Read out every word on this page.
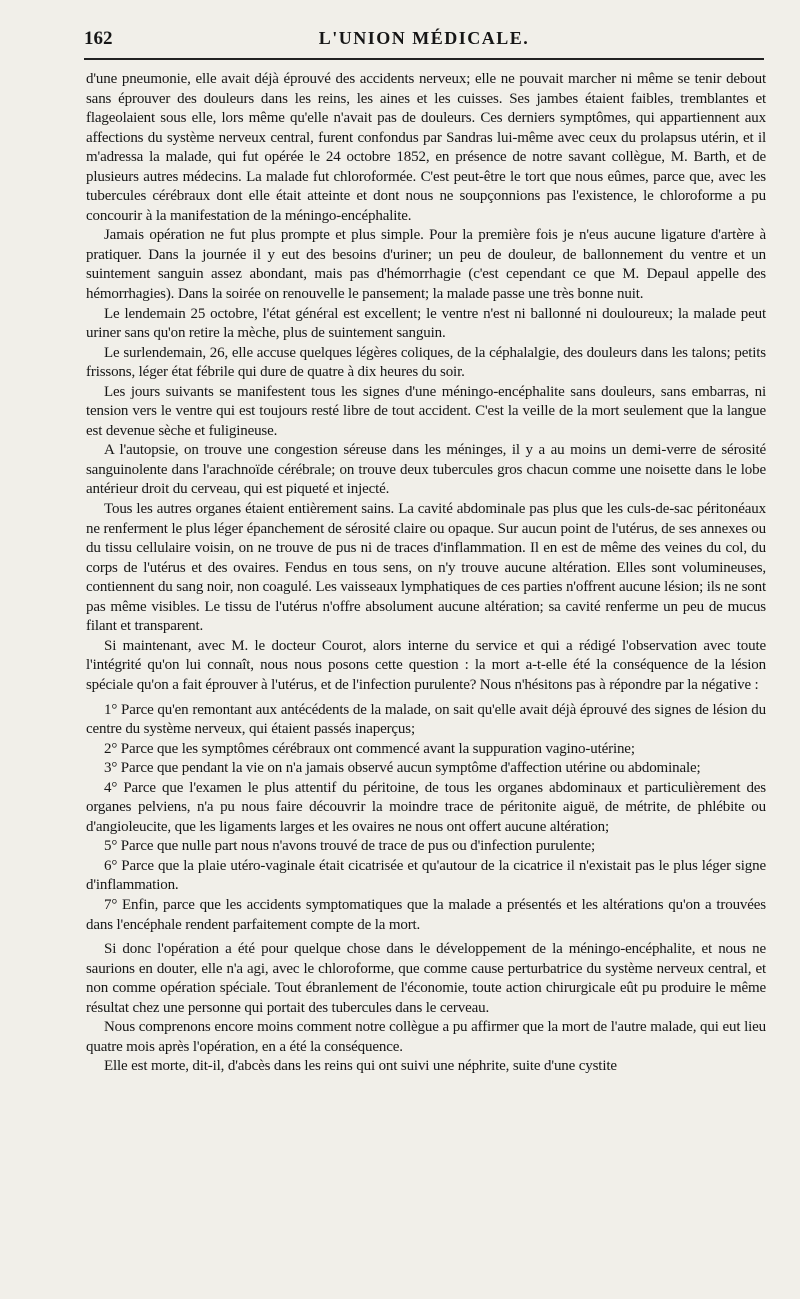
162	L'UNION MÉDICALE.

d'une pneumonie, elle avait déjà éprouvé des accidents nerveux; elle ne pouvait marcher ni même se tenir debout sans éprouver des douleurs dans les reins, les aines et les cuisses. Ses jambes étaient faibles, tremblantes et flageolaient sous elle, lors même qu'elle n'avait pas de douleurs. Ces derniers symptômes, qui appartiennent aux affections du système nerveux central, furent confondus par Sandras lui-même avec ceux du prolapsus utérin, et il m'adressa la malade, qui fut opérée le 24 octobre 1852, en présence de notre savant collègue, M. Barth, et de plusieurs autres médecins. La malade fut chloroformée. C'est peut-être le tort que nous eûmes, parce que, avec les tubercules cérébraux dont elle était atteinte et dont nous ne soupçonnions pas l'existence, le chloroforme a pu concourir à la manifestation de la méningo-encéphalite.

Jamais opération ne fut plus prompte et plus simple. Pour la première fois je n'eus aucune ligature d'artère à pratiquer. Dans la journée il y eut des besoins d'uriner; un peu de douleur, de ballonnement du ventre et un suintement sanguin assez abondant, mais pas d'hémorrhagie (c'est cependant ce que M. Depaul appelle des hémorrhagies). Dans la soirée on renouvelle le pansement; la malade passe une très bonne nuit.

Le lendemain 25 octobre, l'état général est excellent; le ventre n'est ni ballonné ni douloureux; la malade peut uriner sans qu'on retire la mèche, plus de suintement sanguin.

Le surlendemain, 26, elle accuse quelques légères coliques, de la céphalalgie, des douleurs dans les talons; petits frissons, léger état fébrile qui dure de quatre à dix heures du soir.

Les jours suivants se manifestent tous les signes d'une méningo-encéphalite sans douleurs, sans embarras, ni tension vers le ventre qui est toujours resté libre de tout accident. C'est la veille de la mort seulement que la langue est devenue sèche et fuligineuse.

A l'autopsie, on trouve une congestion séreuse dans les méninges, il y a au moins un demi-verre de sérosité sanguinolente dans l'arachnoïde cérébrale; on trouve deux tubercules gros chacun comme une noisette dans le lobe antérieur droit du cerveau, qui est piqueté et injecté.

Tous les autres organes étaient entièrement sains. La cavité abdominale pas plus que les culs-de-sac péritonéaux ne renferment le plus léger épanchement de sérosité claire ou opaque. Sur aucun point de l'utérus, de ses annexes ou du tissu cellulaire voisin, on ne trouve de pus ni de traces d'inflammation. Il en est de même des veines du col, du corps de l'utérus et des ovaires. Fendus en tous sens, on n'y trouve aucune altération. Elles sont volumineuses, contiennent du sang noir, non coagulé. Les vaisseaux lymphatiques de ces parties n'offrent aucune lésion; ils ne sont pas même visibles. Le tissu de l'utérus n'offre absolument aucune altération; sa cavité renferme un peu de mucus filant et transparent.

Si maintenant, avec M. le docteur Courot, alors interne du service et qui a rédigé l'observation avec toute l'intégrité qu'on lui connaît, nous nous posons cette question : la mort a-t-elle été la conséquence de la lésion spéciale qu'on a fait éprouver à l'utérus, et de l'infection purulente? Nous n'hésitons pas à répondre par la négative :

1° Parce qu'en remontant aux antécédents de la malade, on sait qu'elle avait déjà éprouvé des signes de lésion du centre du système nerveux, qui étaient passés inaperçus;

2° Parce que les symptômes cérébraux ont commencé avant la suppuration vagino-utérine;

3° Parce que pendant la vie on n'a jamais observé aucun symptôme d'affection utérine ou abdominale;

4° Parce que l'examen le plus attentif du péritoine, de tous les organes abdominaux et particulièrement des organes pelviens, n'a pu nous faire découvrir la moindre trace de péritonite aiguë, de métrite, de phlébite ou d'angioleucite, que les ligaments larges et les ovaires ne nous ont offert aucune altération;

5° Parce que nulle part nous n'avons trouvé de trace de pus ou d'infection purulente;

6° Parce que la plaie utéro-vaginale était cicatrisée et qu'autour de la cicatrice il n'existait pas le plus léger signe d'inflammation.

7° Enfin, parce que les accidents symptomatiques que la malade a présentés et les altérations qu'on a trouvées dans l'encéphale rendent parfaitement compte de la mort.

Si donc l'opération a été pour quelque chose dans le développement de la méningo-encéphalite, et nous ne saurions en douter, elle n'a agi, avec le chloroforme, que comme cause perturbatrice du système nerveux central, et non comme opération spéciale. Tout ébranlement de l'économie, toute action chirurgicale eût pu produire le même résultat chez une personne qui portait des tubercules dans le cerveau.

Nous comprenons encore moins comment notre collègue a pu affirmer que la mort de l'autre malade, qui eut lieu quatre mois après l'opération, en a été la conséquence.

Elle est morte, dit-il, d'abcès dans les reins qui ont suivi une néphrite, suite d'une cystite
